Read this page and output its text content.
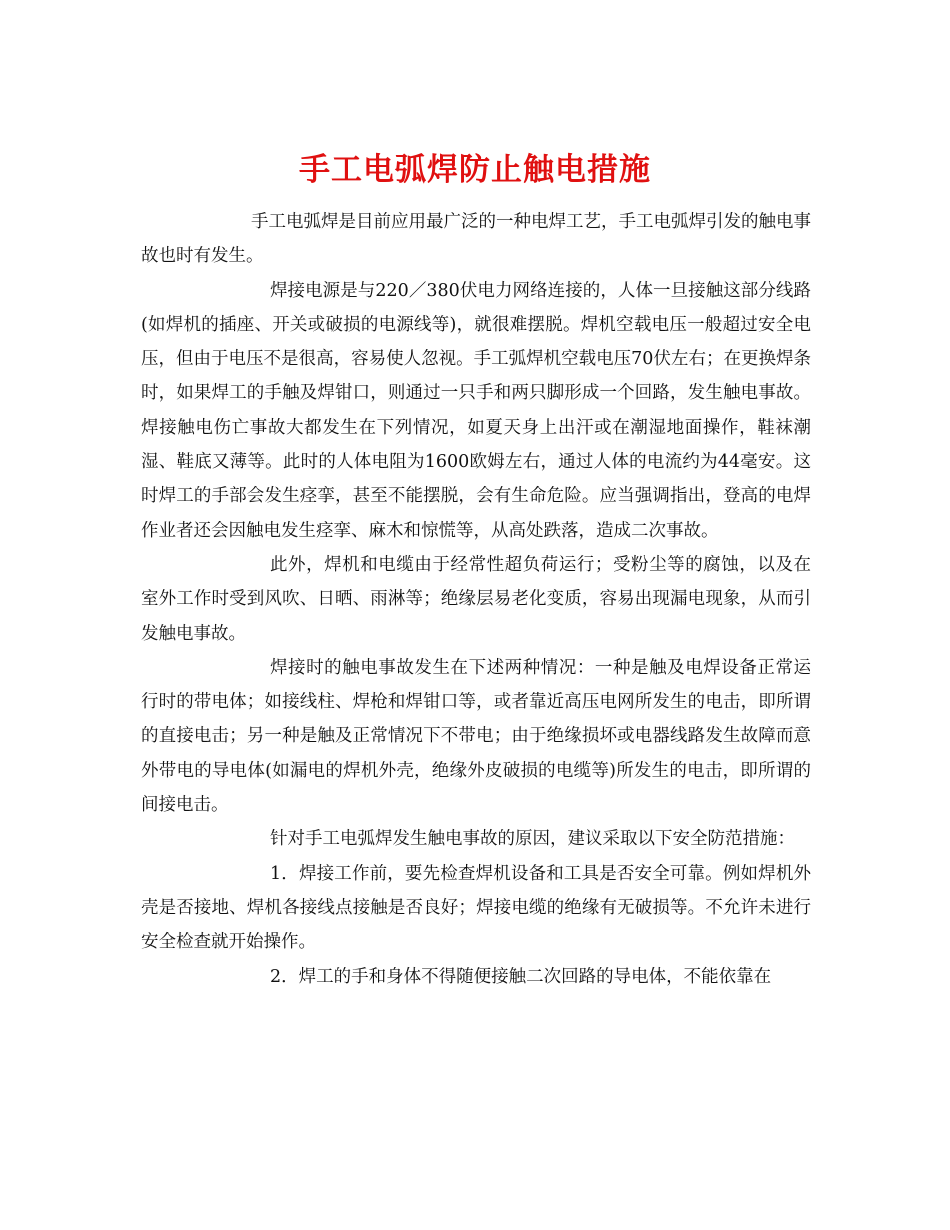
手工电弧焊防止触电措施

手工电弧焊是目前应用最广泛的一种电焊工艺，手工电弧焊引发的触电事故也时有发生。

焊接电源是与220／380伏电力网络连接的，人体一旦接触这部分线路(如焊机的插座、开关或破损的电源线等)，就很难摆脱。焊机空载电压一般超过安全电压，但由于电压不是很高，容易使人忽视。手工弧焊机空载电压70伏左右；在更换焊条时，如果焊工的手触及焊钳口，则通过一只手和两只脚形成一个回路，发生触电事故。焊接触电伤亡事故大都发生在下列情况，如夏天身上出汗或在潮湿地面操作，鞋袜潮湿、鞋底又薄等。此时的人体电阻为1600欧姆左右，通过人体的电流约为44毫安。这时焊工的手部会发生痉挛，甚至不能摆脱，会有生命危险。应当强调指出，登高的电焊作业者还会因触电发生痉挛、麻木和惊慌等，从高处跌落，造成二次事故。

此外，焊机和电缆由于经常性超负荷运行；受粉尘等的腐蚀，以及在室外工作时受到风吹、日晒、雨淋等；绝缘层易老化变质，容易出现漏电现象，从而引发触电事故。

焊接时的触电事故发生在下述两种情况：一种是触及电焊设备正常运行时的带电体；如接线柱、焊枪和焊钳口等，或者靠近高压电网所发生的电击，即所谓的直接电击；另一种是触及正常情况下不带电；由于绝缘损坏或电器线路发生故障而意外带电的导电体(如漏电的焊机外壳，绝缘外皮破损的电缆等)所发生的电击，即所谓的间接电击。

针对手工电弧焊发生触电事故的原因，建议采取以下安全防范措施：

1．焊接工作前，要先检查焊机设备和工具是否安全可靠。例如焊机外壳是否接地、焊机各接线点接触是否良好；焊接电缆的绝缘有无破损等。不允许未进行安全检查就开始操作。

2．焊工的手和身体不得随便接触二次回路的导电体，不能依靠在
